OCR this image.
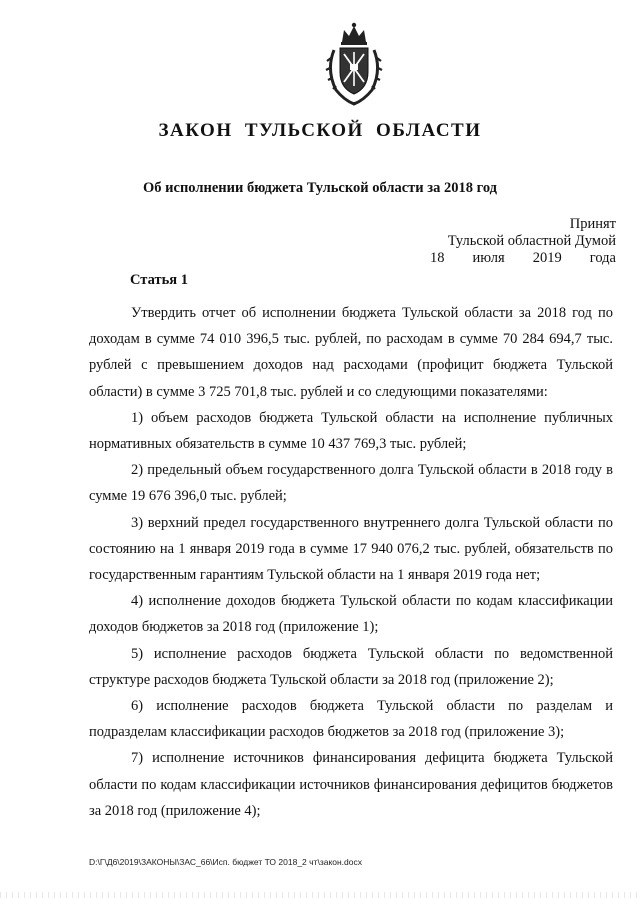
ЗАКОН ТУЛЬСКОЙ ОБЛАСТИ
Об исполнении бюджета Тульской области за 2018 год
Принят
Тульской областной Думой
18 июля 2019 года
Статья 1

Утвердить отчет об исполнении бюджета Тульской области за 2018 год по доходам в сумме 74 010 396,5 тыс. рублей, по расходам в сумме 70 284 694,7 тыс. рублей с превышением доходов над расходами (профицит бюджета Тульской области) в сумме 3 725 701,8 тыс. рублей и со следующими показателями:

1) объем расходов бюджета Тульской области на исполнение публичных нормативных обязательств в сумме 10 437 769,3 тыс. рублей;

2) предельный объем государственного долга Тульской области в 2018 году в сумме 19 676 396,0 тыс. рублей;

3) верхний предел государственного внутреннего долга Тульской области по состоянию на 1 января 2019 года в сумме 17 940 076,2 тыс. рублей, обязательств по государственным гарантиям Тульской области на 1 января 2019 года нет;

4) исполнение доходов бюджета Тульской области по кодам классификации доходов бюджетов за 2018 год (приложение 1);

5) исполнение расходов бюджета Тульской области по ведомственной структуре расходов бюджета Тульской области за 2018 год (приложение 2);

6) исполнение расходов бюджета Тульской области по разделам и подразделам классификации расходов бюджетов за 2018 год (приложение 3);

7) исполнение источников финансирования дефицита бюджета Тульской области по кодам классификации источников финансирования дефицитов бюджетов за 2018 год (приложение 4);

D:\Г\Д6\2019\ЗАКОНЫ\ЗАС_66\Исп. бюджет ТО 2018_2 чт\закон.docx
